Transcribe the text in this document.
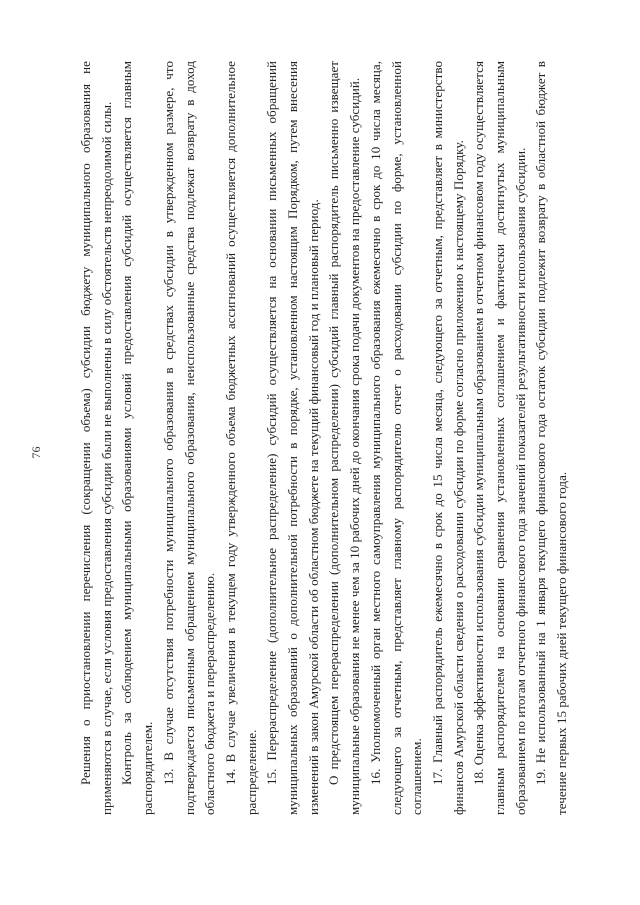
76	Решения о приостановлении перечисления (сокращении объема) субсидии бюджету муниципального образования не применяются в случае, если условия предоставления субсидии были не выполнены в силу обстоятельств непреодолимой силы. Контроль за соблюдением муниципальными образованиями условий предоставления субсидий осуществляется главным распорядителем. 13. В случае отсутствия потребности муниципального образования в средствах субсидии в утвержденном размере, что подтверждается письменным обращением муниципального образования, неиспользованные средства подлежат возврату в доход областного бюджета и перераспределению. 14. В случае увеличения в текущем году утвержденного объема бюджетных ассигнований осуществляется дополнительное распределение. 15. Перераспределение (дополнительное распределение) субсидий осуществляется на основании письменных обращений муниципальных образований о дополнительной потребности в порядке, установленном настоящим Порядком, путем внесения изменений в закон Амурской области об областном бюджете на текущий финансовый год и плановый период. О предстоящем перераспределении (дополнительном распределении) субсидий главный распорядитель письменно извещает муниципальные образования не менее чем за 10 рабочих дней до окончания срока подачи документов на предоставление субсидий. 16. Уполномоченный орган местного самоуправления муниципального образования ежемесячно в срок до 10 числа месяца, следующего за отчетным, представляет главному распорядителю отчет о расходовании субсидии по форме, установленной соглашением. 17. Главный распорядитель ежемесячно в срок до 15 числа месяца, следующего за отчетным, представляет в министерство финансов Амурской области сведения о расходовании субсидии по форме согласно приложению к настоящему Порядку. 18. Оценка эффективности использования субсидии муниципальным образованием в отчетном финансовом году осуществляется главным распорядителем на основании сравнения установленных соглашением и фактически достигнутых муниципальным образованием по итогам отчетного финансового года значений показателей результативности использования субсидии. 19. Не использованный на 1 января текущего финансового года остаток субсидии подлежит возврату в областной бюджет в течение первых 15 рабочих дней текущего финансового года.
